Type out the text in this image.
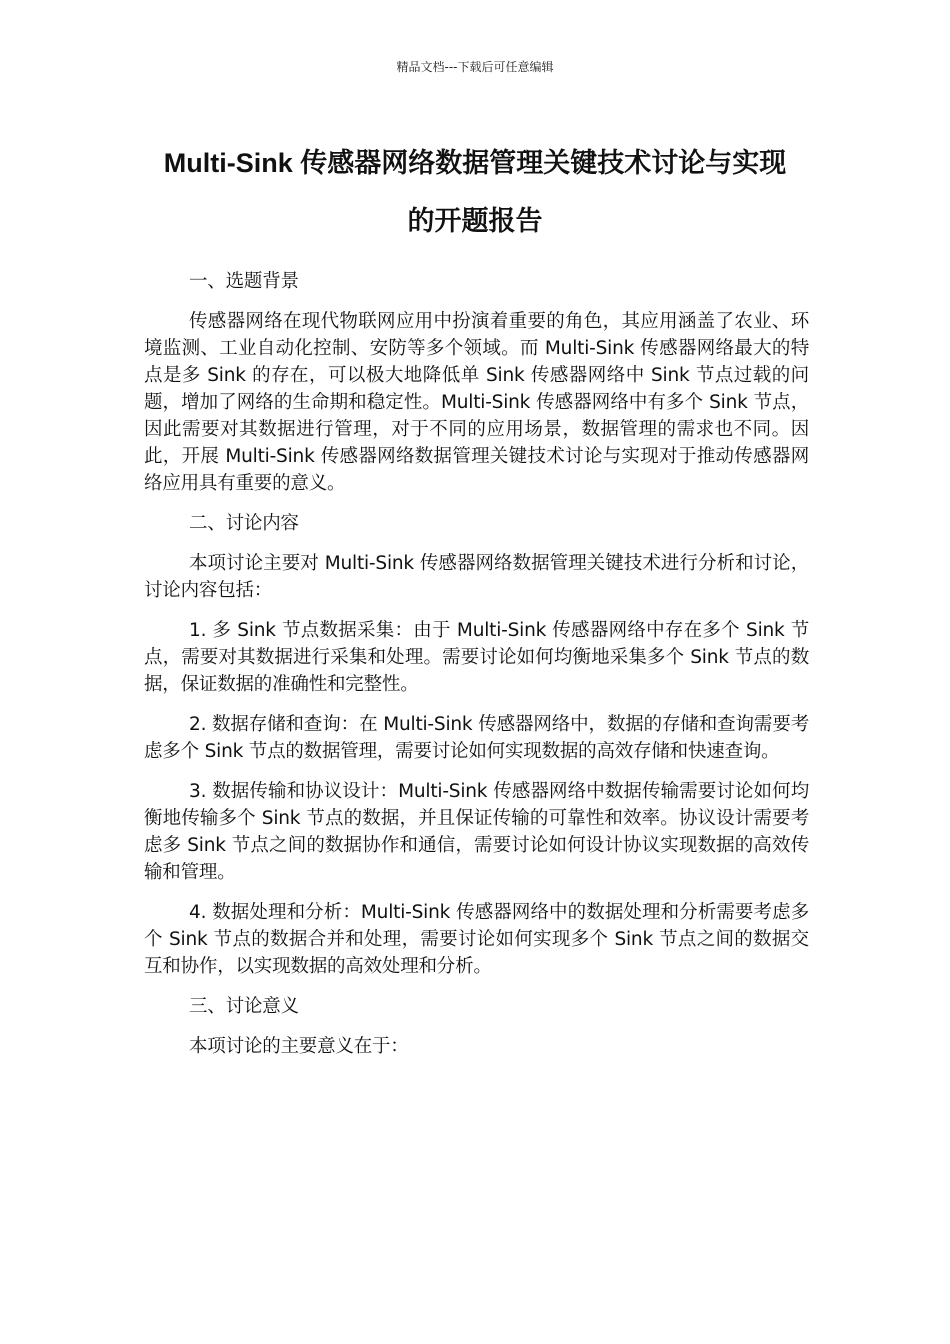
精品文档---下载后可任意编辑
Multi-Sink 传感器网络数据管理关键技术讨论与实现
的开题报告

一、选题背景

传感器网络在现代物联网应用中扮演着重要的角色，其应用涵盖了农业、环境监测、工业自动化控制、安防等多个领域。而 Multi-Sink 传感器网络最大的特点是多 Sink 的存在，可以极大地降低单 Sink 传感器网络中 Sink 节点过载的问题，增加了网络的生命期和稳定性。Multi-Sink 传感器网络中有多个 Sink 节点，因此需要对其数据进行管理，对于不同的应用场景，数据管理的需求也不同。因此，开展 Multi-Sink 传感器网络数据管理关键技术讨论与实现对于推动传感器网络应用具有重要的意义。

二、讨论内容

本项讨论主要对 Multi-Sink 传感器网络数据管理关键技术进行分析和讨论，讨论内容包括：

1. 多 Sink 节点数据采集：由于 Multi-Sink 传感器网络中存在多个 Sink 节点，需要对其数据进行采集和处理。需要讨论如何均衡地采集多个 Sink 节点的数据，保证数据的准确性和完整性。

2. 数据存储和查询：在 Multi-Sink 传感器网络中，数据的存储和查询需要考虑多个 Sink 节点的数据管理，需要讨论如何实现数据的高效存储和快速查询。

3. 数据传输和协议设计：Multi-Sink 传感器网络中数据传输需要讨论如何均衡地传输多个 Sink 节点的数据，并且保证传输的可靠性和效率。协议设计需要考虑多 Sink 节点之间的数据协作和通信，需要讨论如何设计协议实现数据的高效传输和管理。

4. 数据处理和分析：Multi-Sink 传感器网络中的数据处理和分析需要考虑多个 Sink 节点的数据合并和处理，需要讨论如何实现多个 Sink 节点之间的数据交互和协作，以实现数据的高效处理和分析。

三、讨论意义

本项讨论的主要意义在于：
